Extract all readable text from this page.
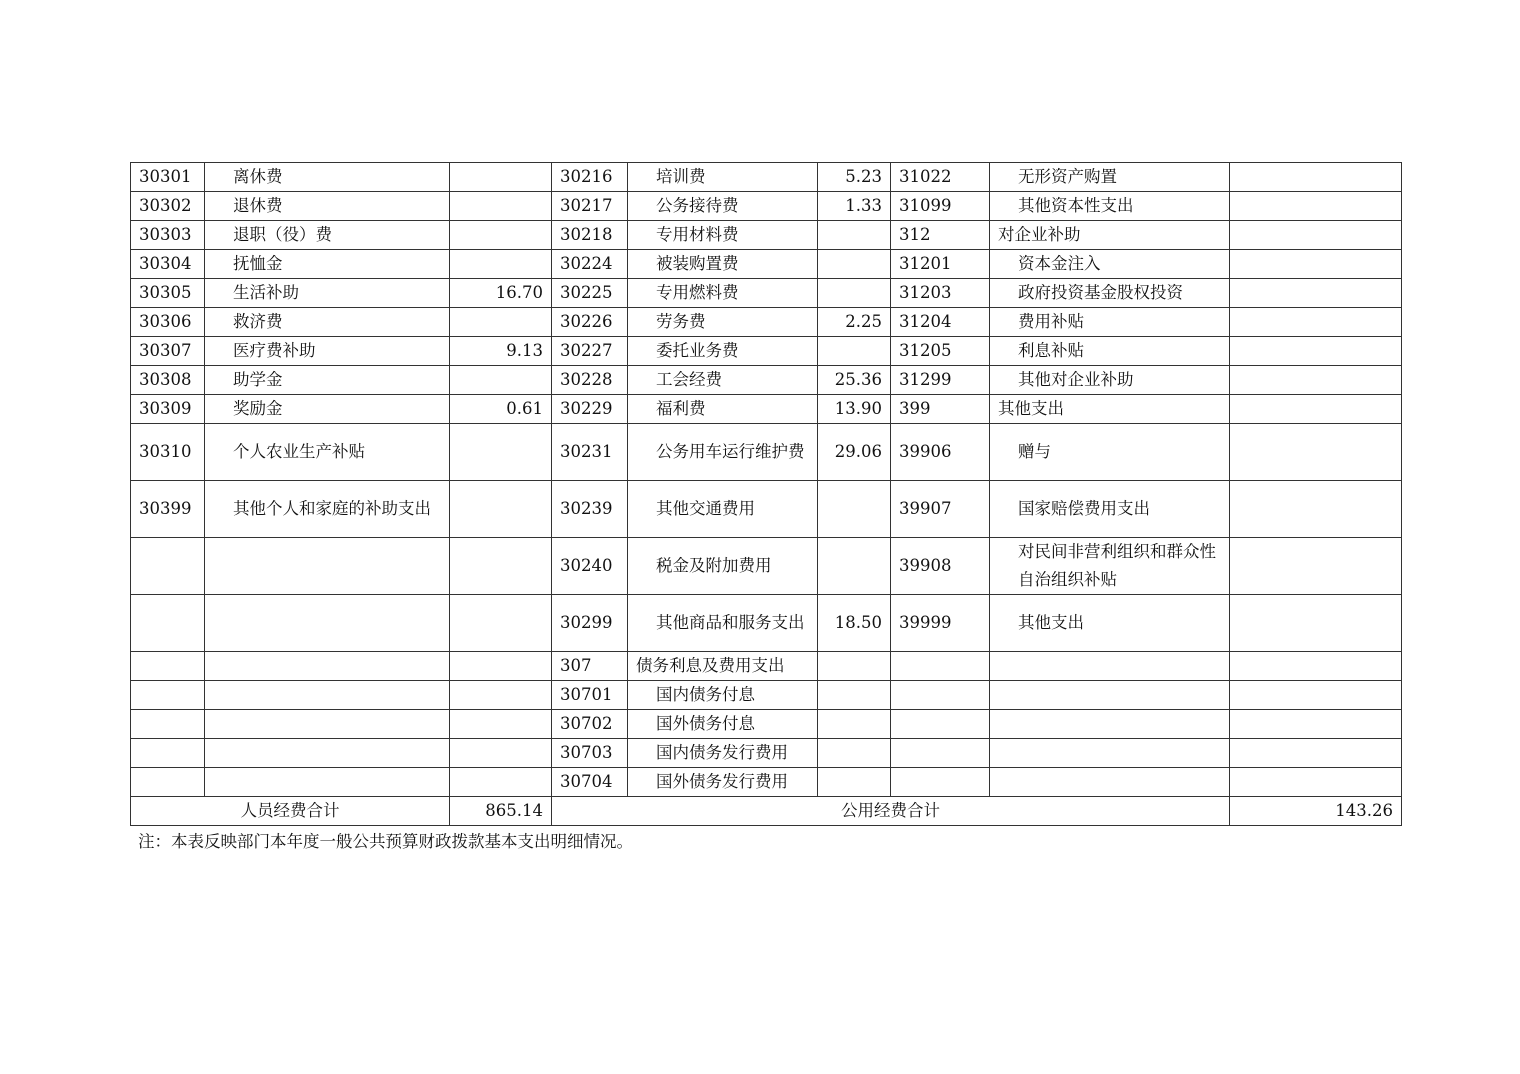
30301	离休费		30216	培训费	5.23	31022	无形资产购置	
30302	退休费		30217	公务接待费	1.33	31099	其他资本性支出	
30303	退职（役）费		30218	专用材料费		312	对企业补助	
30304	抚恤金		30224	被装购置费		31201	资本金注入	
30305	生活补助	16.70	30225	专用燃料费		31203	政府投资基金股权投资	
30306	救济费		30226	劳务费	2.25	31204	费用补贴	
30307	医疗费补助	9.13	30227	委托业务费		31205	利息补贴	
30308	助学金		30228	工会经费	25.36	31299	其他对企业补助	
30309	奖励金	0.61	30229	福利费	13.90	399	其他支出	
30310	个人农业生产补贴		30231	公务用车运行维护费	29.06	39906	赠与	
30399	其他个人和家庭的补助支出		30239	其他交通费用		39907	国家赔偿费用支出	
			30240	税金及附加费用		39908	对民间非营利组织和群众性自治组织补贴	
			30299	其他商品和服务支出	18.50	39999	其他支出	
			307	债务利息及费用支出				
			30701	国内债务付息				
			30702	国外债务付息				
			30703	国内债务发行费用				
			30704	国外债务发行费用				
人员经费合计		865.14	公用经费合计					143.26
注：本表反映部门本年度一般公共预算财政拨款基本支出明细情况。
